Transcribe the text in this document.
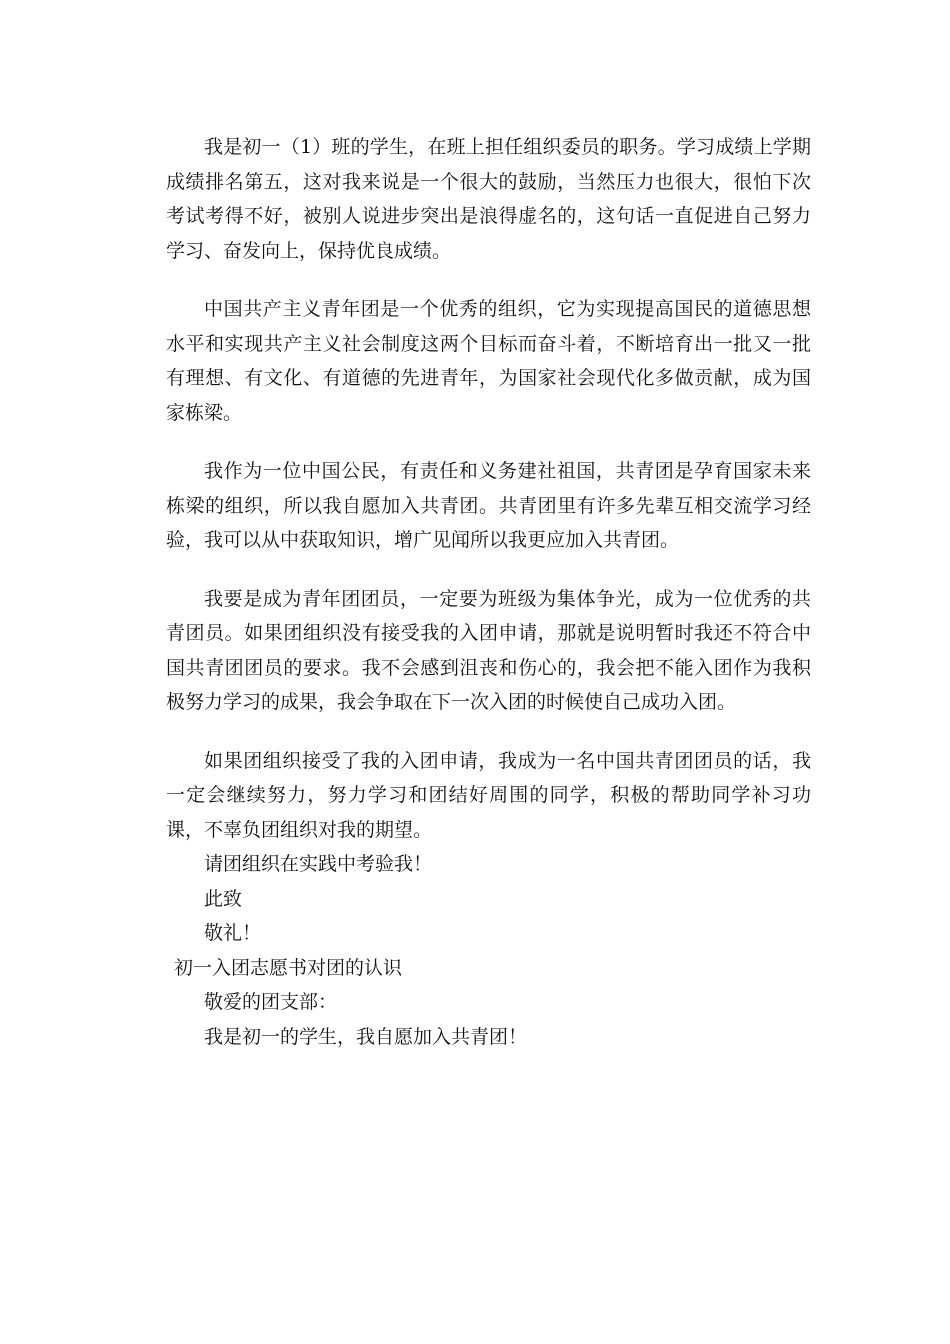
我是初一（1）班的学生，在班上担任组织委员的职务。学习成绩上学期成绩排名第五，这对我来说是一个很大的鼓励，当然压力也很大，很怕下次考试考得不好，被别人说进步突出是浪得虚名的，这句话一直促进自己努力学习、奋发向上，保持优良成绩。

中国共产主义青年团是一个优秀的组织，它为实现提高国民的道德思想水平和实现共产主义社会制度这两个目标而奋斗着，不断培育出一批又一批有理想、有文化、有道德的先进青年，为国家社会现代化多做贡献，成为国家栋梁。

我作为一位中国公民，有责任和义务建社祖国，共青团是孕育国家未来栋梁的组织，所以我自愿加入共青团。共青团里有许多先辈互相交流学习经验，我可以从中获取知识，增广见闻所以我更应加入共青团。

我要是成为青年团团员，一定要为班级为集体争光，成为一位优秀的共青团员。如果团组织没有接受我的入团申请，那就是说明暂时我还不符合中国共青团团员的要求。我不会感到沮丧和伤心的，我会把不能入团作为我积极努力学习的成果，我会争取在下一次入团的时候使自己成功入团。

如果团组织接受了我的入团申请，我成为一名中国共青团团员的话，我一定会继续努力，努力学习和团结好周围的同学，积极的帮助同学补习功课，不辜负团组织对我的期望。

请团组织在实践中考验我！

此致

敬礼！

初一入团志愿书对团的认识

敬爱的团支部：

我是初一的学生，我自愿加入共青团！
